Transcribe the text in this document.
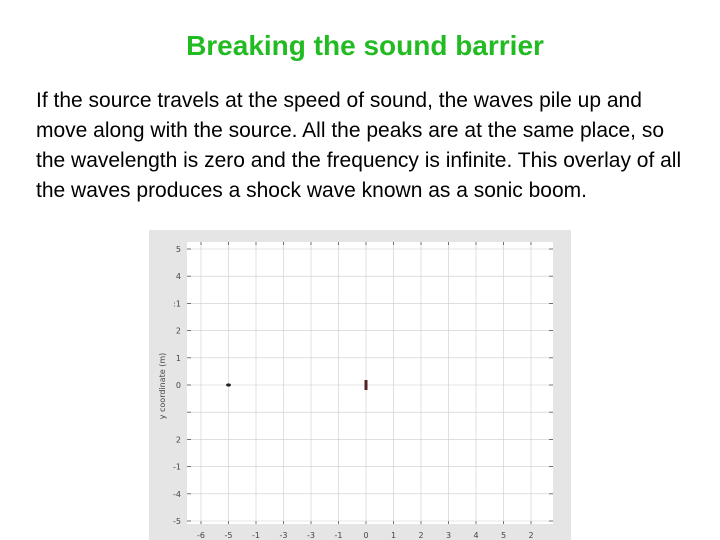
Breaking the sound barrier

If the source travels at the speed of sound, the waves pile up and move along with the source. All the peaks are at the same place, so the wavelength is zero and the frequency is infinite. This overlay of all the waves produces a shock wave known as a sonic boom.

-6 -5 -1 -3 -3 -1	0	1	2	3	4	5	2
5
4
:1
2
1
0
2
-1
-4
-5
y coordinate (m)
